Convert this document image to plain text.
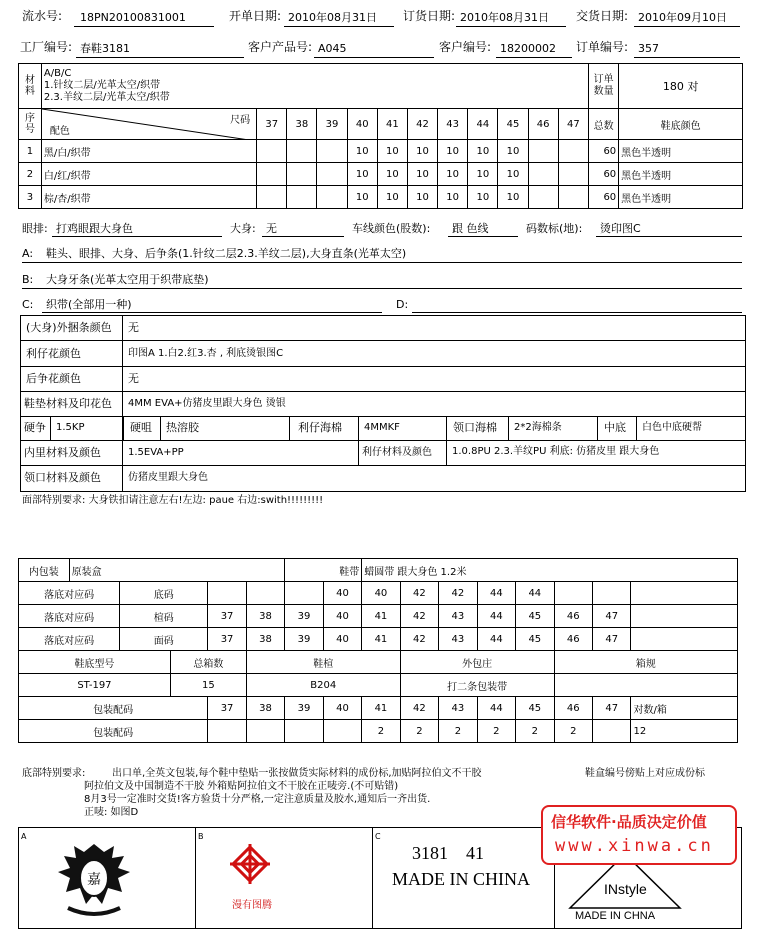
流水号: 18PN20100831001	开单日期: 2010年08月31日 订货日期: 2010年08月31日 交货日期: 2010年09月10日
工厂编号: 春鞋3181	客户产品号: A045	客户编号: 18200002 订单编号: 357
材料	A/B/C
1.针纹二层/光革太空/织带
2.3.羊纹二层/光革太空/织带												订单数量	180 对
序号	尺码
配色	37	38	39	40	41	42	43	44	45	46	47	总数	鞋底颜色
1	黑/白/织带				10	10	10	10	10	10			60	黑色半透明
2	白/红/织带				10	10	10	10	10	10			60	黑色半透明
3	棕/杏/织带				10	10	10	10	10	10			60	黑色半透明
眼排: 打鸡眼跟大身色	大身: 无	车线颜色(股数): 跟 色线	码数标(地): 烫印图C
A: 鞋头、眼排、大身、后争条(1.针纹二层2.3.羊纹二层),大身直条(光革太空)
B: 大身牙条(光革太空用于织带底垫)
C: 织带(全部用一种)	D:
(大身)外捆条颜色 无
利仔花颜色	印图A 1.白2.红3.杏 , 利底烫银图C
后争花颜色	无
鞋垫材料及印花色 4MM EVA+仿猪皮里跟大身色 烫银
硬争 1.5KP	硬咀 热溶胶	利仔海棉 4MMKF	领口海棉 2*2海棉条	中底 白色中底硬帮
内里材料及颜色	1.5EVA+PP	利仔材料及颜色 1.0.8PU 2.3.羊纹PU 利底: 仿猪皮里 跟大身色
领口材料及颜色	仿猪皮里跟大身色
面部特别要求: 大身铁扣请注意左右!左边: paue 右边:swith!!!!!!!!!
内包装	原装盒					鞋带		蜡圆带 跟大身色 1.2米							
落底对应码		底码					40	40	42	42	44	44			
落底对应码		楦码		37	38	39	40	41	42	43	44	45	46	47	
落底对应码		面码		37	38	39	40	41	42	43	44	45	46	47	
鞋底型号			总箱数		鞋楦				外包庄				箱规		
ST-197			15		B204				打二条包装带						
包装配码				37	38	39	40	41	42	43	44	45	46	47	对数/箱
包装配码								2	2	2	2	2	2		12
底部特别要求:	出口单,全英文包装,每个鞋中垫贴一张按做货实际材料的成份标,加贴阿拉伯文不干胶	鞋盒编号傍贴上对应成份标
阿拉伯文及中国制造不干胶 外箱贴阿拉伯文不干胶在正唛旁.(不可贴错)
8月3号一定准时交货!客方验货十分严格,一定注意质量及胶水,通知后一齐出货.
正唛: 如图D
A
嘉
B
漫有图腾
C
3181    41
MADE IN CHINA	INstyle
MADE IN CHNA
信华软件·品质决定价值
www.xinwa.cn
